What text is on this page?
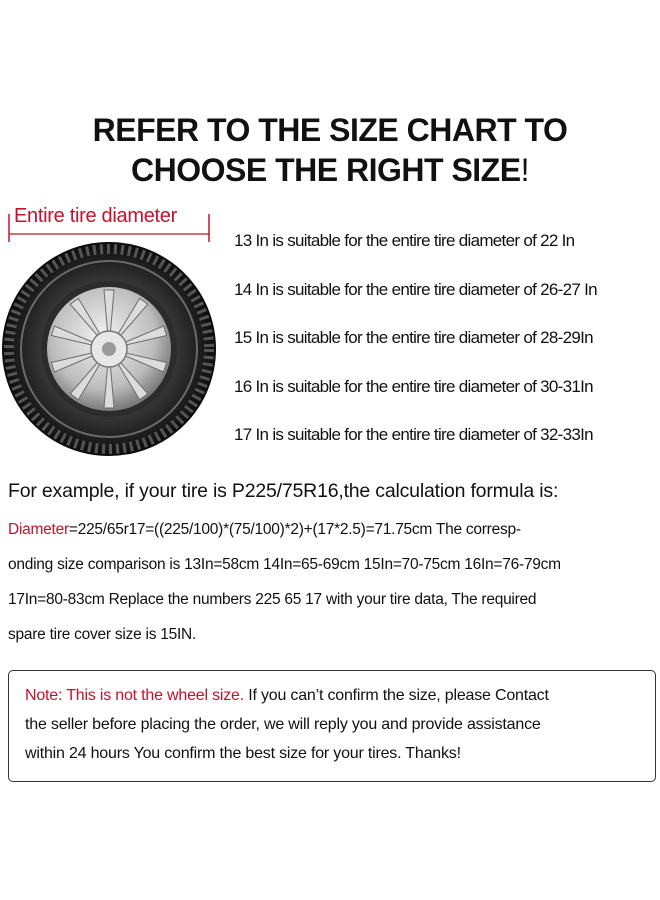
REFER TO THE SIZE CHART TO
CHOOSE THE RIGHT SIZE!
Entire tire diameter
13 In is suitable for the entire tire diameter of 22 In
14 In is suitable for the entire tire diameter of 26-27 In
15 In is suitable for the entire tire diameter of 28-29In
16 In is suitable for the entire tire diameter of 30-31In
17 In is suitable for the entire tire diameter of 32-33In
For example, if your tire is P225/75R16,the calculation formula is:
Diameter=225/65r17=((225/100)*(75/100)*2)+(17*2.5)=71.75cm The corresp-
onding size comparison is 13In=58cm 14In=65-69cm 15In=70-75cm 16In=76-79cm
17In=80-83cm Replace the numbers 225 65 17 with your tire data, The required
spare tire cover size is 15IN.
Note: This is not the wheel size. If you can’t confirm the size, please Contact
the seller before placing the order, we will reply you and provide assistance
within 24 hours You confirm the best size for your tires. Thanks!
